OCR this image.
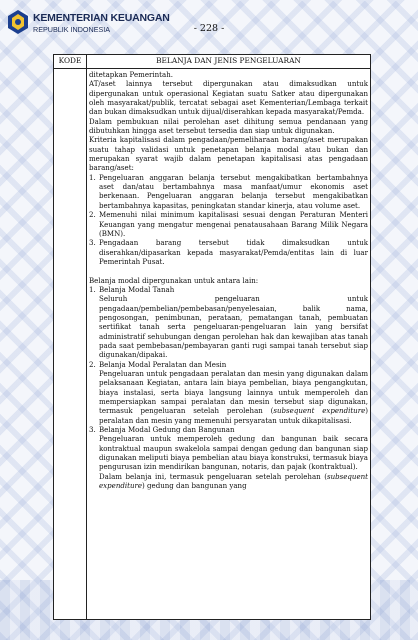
KEMENTERIAN KEUANGAN
REPUBLIK INDONESIA	- 228 -
KODE	BELANJA DAN JENIS PENGELUARAN

ditetapkan Pemerintah.

AT/aset lainnya tersebut dipergunakan atau dimaksudkan untuk dipergunakan untuk operasional Kegiatan suatu Satker atau dipergunakan oleh masyarakat/publik, tercatat sebagai aset Kementerian/Lembaga terkait dan bukan dimaksudkan untuk dijual/diserahkan kepada masyarakat/Pemda.

Dalam pembukuan nilai perolehan aset dihitung semua pendanaan yang dibutuhkan hingga aset tersebut tersedia dan siap untuk digunakan.

Kriteria kapitalisasi dalam pengadaan/pemeliharaan barang/aset merupakan suatu tahap validasi untuk penetapan belanja modal atau bukan dan merupakan syarat wajib dalam penetapan kapitalisasi atas pengadaan barang/aset:

1. Pengeluaran anggaran belanja tersebut mengakibatkan bertambahnya aset dan/atau bertambahnya masa manfaat/umur ekonomis aset berkenaan. Pengeluaran anggaran belanja tersebut mengakibatkan bertambahnya kapasitas, peningkatan standar kinerja, atau volume aset.
2. Memenuhi nilai minimum kapitalisasi sesuai dengan Peraturan Menteri Keuangan yang mengatur mengenai penatausahaan Barang Milik Negara (BMN).
3. Pengadaan barang tersebut tidak dimaksudkan untuk diserahkan/dipasarkan kepada masyarakat/Pemda/entitas lain di luar Pemerintah Pusat.

Belanja modal dipergunakan untuk antara lain:

1. Belanja Modal Tanah

Seluruh pengeluaran untuk pengadaan/pembelian/pembebasan/penyelesaian, balik nama, pengosongan, penimbunan, perataan, pematangan tanah, pembuatan sertifikat tanah serta pengeluaran-pengeluaran lain yang bersifat administratif sehubungan dengan perolehan hak dan kewajiban atas tanah pada saat pembebasan/pembayaran ganti rugi sampai tanah tersebut siap digunakan/dipakai.

2. Belanja Modal Peralatan dan Mesin

Pengeluaran untuk pengadaan peralatan dan mesin yang digunakan dalam pelaksanaan Kegiatan, antara lain biaya pembelian, biaya pengangkutan, biaya instalasi, serta biaya langsung lainnya untuk memperoleh dan mempersiapkan sampai peralatan dan mesin tersebut siap digunakan, termasuk pengeluaran setelah perolehan (subsequent expenditure) peralatan dan mesin yang memenuhi persyaratan untuk dikapitalisasi.

3. Belanja Modal Gedung dan Bangunan

Pengeluaran untuk memperoleh gedung dan bangunan baik secara kontraktual maupun swakelola sampai dengan gedung dan bangunan siap digunakan meliputi biaya pembelian atau biaya konstruksi, termasuk biaya pengurusan izin mendirikan bangunan, notaris, dan pajak (kontraktual).

Dalam belanja ini, termasuk pengeluaran setelah perolehan (subsequent expenditure) gedung dan bangunan yang
